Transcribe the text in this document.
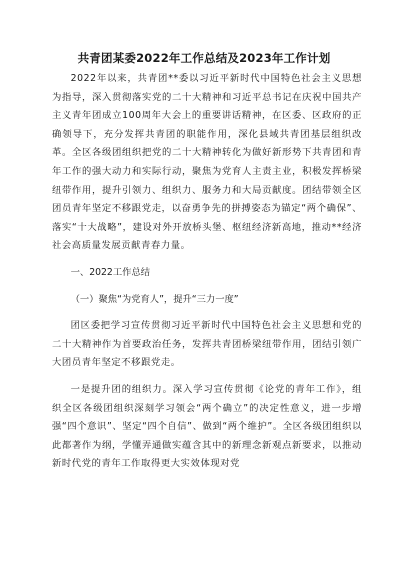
共青团某委2022年工作总结及2023年工作计划

2022年以来，共青团**委以习近平新时代中国特色社会主义思想为指导，深入贯彻落实党的二十大精神和习近平总书记在庆祝中国共产主义青年团成立100周年大会上的重要讲话精神，在区委、区政府的正确领导下，充分发挥共青团的职能作用，深化县域共青团基层组织改革。全区各级团组织把党的二十大精神转化为做好新形势下共青团和青年工作的强大动力和实际行动，聚焦为党育人主责主业，积极发挥桥梁纽带作用，提升引领力、组织力、服务力和大局贡献度。团结带领全区团员青年坚定不移跟党走，以奋勇争先的拼搏姿态为锚定“两个确保”、落实“十大战略”，建设对外开放桥头堡、枢纽经济新高地，推动**经济社会高质量发展贡献青春力量。

一、2022工作总结

（一）聚焦“为党育人”，提升“三力一度”

团区委把学习宣传贯彻习近平新时代中国特色社会主义思想和党的二十大精神作为首要政治任务，发挥共青团桥梁纽带作用，团结引领广大团员青年坚定不移跟党走。

一是提升团的组织力。深入学习宣传贯彻《论党的青年工作》，组织全区各级团组织深刻学习领会“两个确立”的决定性意义，进一步增强“四个意识”、坚定“四个自信”、做到“两个维护”。全区各级团组织以此都著作为纲，学懂弄通做实蕴含其中的新理念新观点新要求，以推动新时代党的青年工作取得更大实效体现对党
